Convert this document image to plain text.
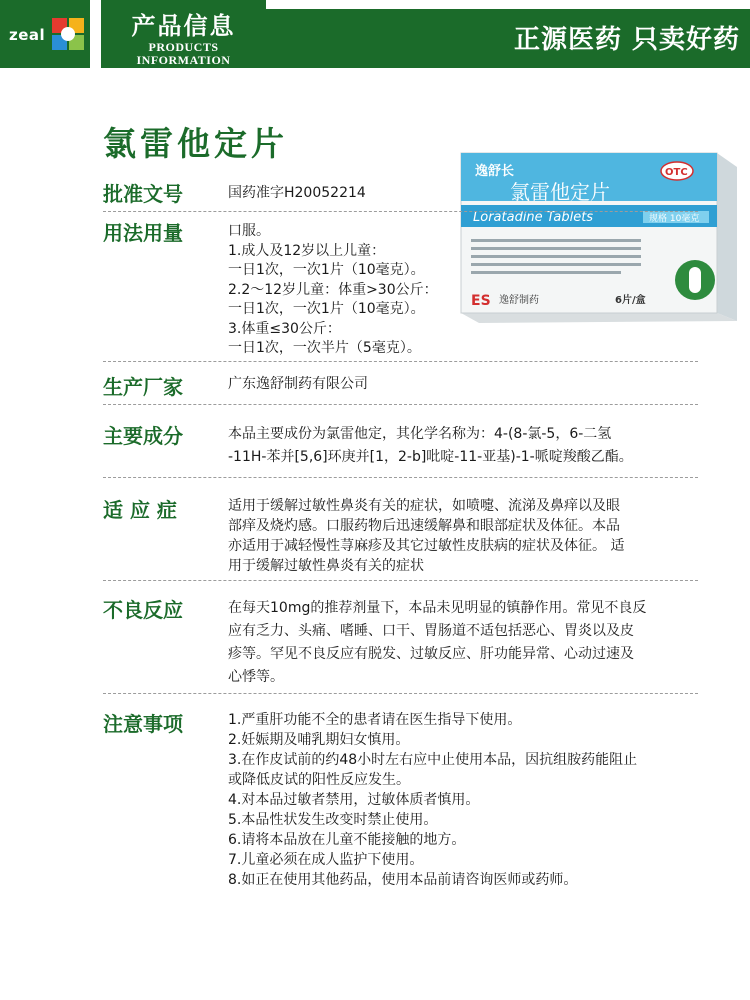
zeal	产品信息
PRODUCTS
INFORMATION
正源医药 只卖好药
氯雷他定片
逸舒长
氯雷他定片
OTC
Loratadine Tablets	规格 10毫克
ES 逸舒制药	6片/盒
批准文号	国药准字H20052214
用法用量	口服。
1.成人及12岁以上儿童：
一日1次，一次1片（10毫克）。
2.2～12岁儿童：体重>30公斤：
一日1次，一次1片（10毫克）。
3.体重≤30公斤：
一日1次，一次半片（5毫克）。
生产厂家	广东逸舒制药有限公司
主要成分	本品主要成份为氯雷他定，其化学名称为：4-(8-氯-5，6-二氢
-11H-苯并[5,6]环庚并[1，2-b]吡啶-11-亚基)-1-哌啶羧酸乙酯。
适 应 症	适用于缓解过敏性鼻炎有关的症状，如喷嚏、流涕及鼻痒以及眼
部痒及烧灼感。口服药物后迅速缓解鼻和眼部症状及体征。本品
亦适用于减轻慢性荨麻疹及其它过敏性皮肤病的症状及体征。 适
用于缓解过敏性鼻炎有关的症状
不良反应	在每天10mg的推荐剂量下，本品未见明显的镇静作用。常见不良反
应有乏力、头痛、嗜睡、口干、胃肠道不适包括恶心、胃炎以及皮
疹等。罕见不良反应有脱发、过敏反应、肝功能异常、心动过速及
心悸等。
注意事项	1.严重肝功能不全的患者请在医生指导下使用。
2.妊娠期及哺乳期妇女慎用。
3.在作皮试前的约48小时左右应中止使用本品，因抗组胺药能阻止
或降低皮试的阳性反应发生。
4.对本品过敏者禁用，过敏体质者慎用。
5.本品性状发生改变时禁止使用。
6.请将本品放在儿童不能接触的地方。
7.儿童必须在成人监护下使用。
8.如正在使用其他药品，使用本品前请咨询医师或药师。
